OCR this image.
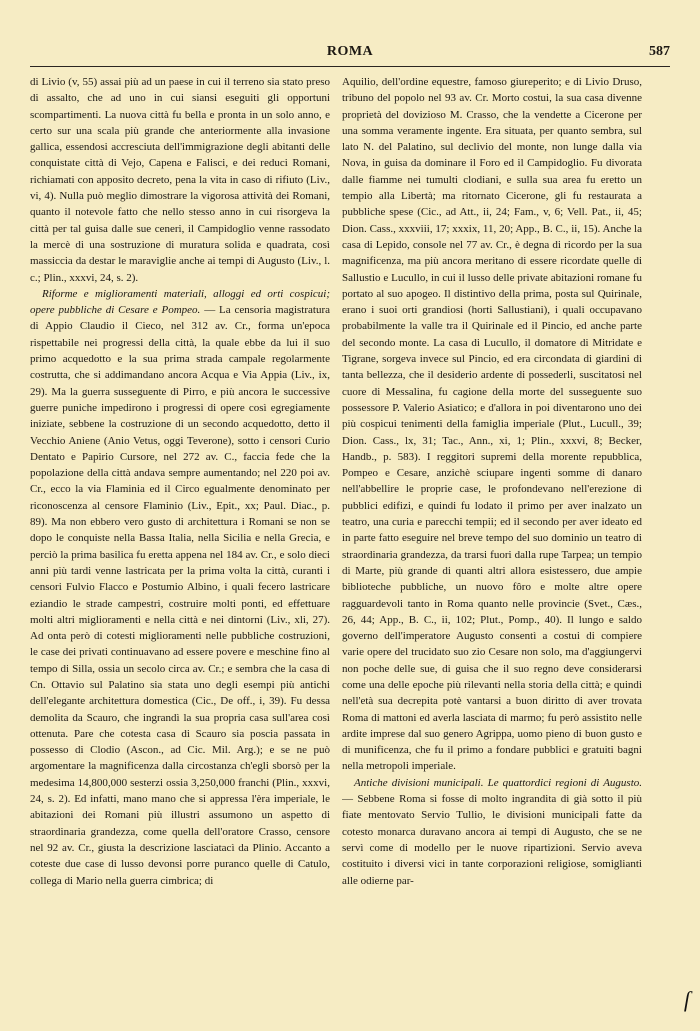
ROMA	587

di Livio (v, 55) assai più ad un paese in cui il terreno sia stato preso di assalto, che ad uno in cui siansi eseguiti gli opportuni scompartimenti. La nuova città fu bella e pronta in un solo anno, e certo sur una scala più grande che anteriormente alla invasione gallica, essendosi accresciuta dell'immigrazione degli abitanti delle conquistate città di Vejo, Capena e Falisci, e dei reduci Romani, richiamati con apposito decreto, pena la vita in caso di rifiuto (Liv., vi, 4). Nulla può meglio dimostrare la vigorosa attività dei Romani, quanto il notevole fatto che nello stesso anno in cui risorgeva la città per tal guisa dalle sue ceneri, il Campidoglio venne rassodato la mercè di una sostruzione di muratura solida e quadrata, così massiccia da destar le maraviglie anche ai tempi di Augusto (Liv., l. c.; Plin., xxxvi, 24, s. 2).

Riforme e miglioramenti materiali, alloggi ed orti cospicui; opere pubbliche di Cesare e Pompeo. — La censoria magistratura di Appio Claudio il Cieco, nel 312 av. Cr., forma un'epoca rispettabile nei progressi della città, la quale ebbe da lui il suo primo acquedotto e la sua prima strada campale regolarmente costrutta, che si addimandano ancora Acqua e Via Appia (Liv., ix, 29). Ma la guerra susseguente di Pirro, e più ancora le successive guerre puniche impedirono i progressi di opere così egregiamente iniziate, sebbene la costruzione di un secondo acquedotto, detto il Vecchio Aniene (Anio Vetus, oggi Teverone), sotto i censori Curio Dentato e Papirio Cursore, nel 272 av. C., faccia fede che la popolazione della città andava sempre aumentando; nel 220 poi av. Cr., ecco la via Flaminia ed il Circo egualmente denominato per riconoscenza al censore Flaminio (Liv., Epit., xx; Paul. Diac., p. 89). Ma non ebbero vero gusto di architettura i Romani se non se dopo le conquiste nella Bassa Italia, nella Sicilia e nella Grecia, e perciò la prima basilica fu eretta appena nel 184 av. Cr., e solo dieci anni più tardi venne lastricata per la prima volta la città, curanti i censori Fulvio Flacco e Postumio Albino, i quali fecero lastricare eziandio le strade campestri, costruire molti ponti, ed effettuare molti altri miglioramenti e nella città e nei dintorni (Liv., xli, 27). Ad onta però di cotesti miglioramenti nelle pubbliche costruzioni, le case dei privati continuavano ad essere povere e meschine fino al tempo di Silla, ossia un secolo circa av. Cr.; e sembra che la casa di Cn. Ottavio sul Palatino sia stata uno degli esempi più antichi dell'elegante architettura domestica (Cic., De off., i, 39). Fu dessa demolita da Scauro, che ingrandì la sua propria casa sull'area così ottenuta. Pare che cotesta casa di Scauro sia poscia passata in possesso di Clodio (Ascon., ad Cic. Mil. Arg.); e se ne può argomentare la magnificenza dalla circostanza ch'egli sborsò per la medesima 14,800,000 sesterzi ossia 3,250,000 franchi (Plin., xxxvi, 24, s. 2). Ed infatti, mano mano che si appressa l'èra imperiale, le abitazioni dei Romani più illustri assumono un aspetto di straordinaria grandezza, come quella dell'oratore Crasso, censore nel 92 av. Cr., giusta la descrizione lasciatacì da Plinio. Accanto a coteste due case di lusso devonsi porre puranco quelle di Catulo, collega di Mario nella guerra cimbrica; di

Aquilio, dell'ordine equestre, famoso giureperito; e di Livio Druso, tribuno del popolo nel 93 av. Cr. Morto costui, la sua casa divenne proprietà del dovizioso M. Crasso, che la vendette a Cicerone per una somma veramente ingente. Era situata, per quanto sembra, sul lato N. del Palatino, sul declivio del monte, non lunge dalla via Nova, in guisa da dominare il Foro ed il Campidoglio. Fu divorata dalle fiamme nei tumulti clodiani, e sulla sua area fu eretto un tempio alla Libertà; ma ritornato Cicerone, gli fu restaurata a pubbliche spese (Cic., ad Att., ii, 24; Fam., v, 6; Vell. Pat., ii, 45; Dion. Cass., xxxviii, 17; xxxix, 11, 20; App., B. C., ii, 15). Anche la casa di Lepido, console nel 77 av. Cr., è degna di ricordo per la sua magnificenza, ma più ancora meritano di essere ricordate quelle di Sallustio e Lucullo, in cui il lusso delle private abitazioni romane fu portato al suo apogeo. Il distintivo della prima, posta sul Quirinale, erano i suoi orti grandiosi (horti Sallustiani), i quali occupavano probabilmente la valle tra il Quirinale ed il Pincio, ed anche parte del secondo monte. La casa di Lucullo, il domatore di Mitridate e Tigrane, sorgeva invece sul Pincio, ed era circondata di giardini di tanta bellezza, che il desiderio ardente di possederli, suscitatosi nel cuore di Messalina, fu cagione della morte del susseguente suo possessore P. Valerio Asiatico; e d'allora in poi diventarono uno dei più cospicui tenimenti della famiglia imperiale (Plut., Lucull., 39; Dion. Cass., lx, 31; Tac., Ann., xi, 1; Plin., xxxvi, 8; Becker, Handb., p. 583). I reggitori supremi della morente repubblica, Pompeo e Cesare, anzichè sciupare ingenti somme di danaro nell'abbellire le proprie case, le profondevano nell'erezione di pubblici edifizi, e quindi fu lodato il primo per aver inalzato un teatro, una curia e parecchi tempii; ed il secondo per aver ideato ed in parte fatto eseguire nel breve tempo del suo dominio un teatro di straordinaria grandezza, da trarsi fuori dalla rupe Tarpea; un tempio di Marte, più grande di quanti altri allora esistessero, due ampie biblioteche pubbliche, un nuovo fôro e molte altre opere ragguardevoli tanto in Roma quanto nelle provincie (Svet., Cæs., 26, 44; App., B. C., ii, 102; Plut., Pomp., 40). Il lungo e saldo governo dell'imperatore Augusto consentì a costui di compiere varie opere del trucidato suo zio Cesare non solo, ma d'aggiungervi non poche delle sue, di guisa che il suo regno deve considerarsi come una delle epoche più rilevanti nella storia della città; e quindi nell'età sua decrepita potè vantarsi a buon diritto di aver trovata Roma di mattoni ed averla lasciata di marmo; fu però assistito nelle ardite imprese dal suo genero Agrippa, uomo pieno di buon gusto e di munificenza, che fu il primo a fondare pubblici e gratuiti bagni nella metropoli imperiale.

Antiche divisioni municipali. Le quattordici regioni di Augusto. — Sebbene Roma si fosse di molto ingrandita di già sotto il più fiate mentovato Servio Tullio, le divisioni municipali fatte da cotesto monarca duravano ancora ai tempi di Augusto, che se ne servì come di modello per le nuove ripartizioni. Servio aveva costituito i diversi vici in tante corporazioni religiose, somiglianti alle odierne par-

ſ
